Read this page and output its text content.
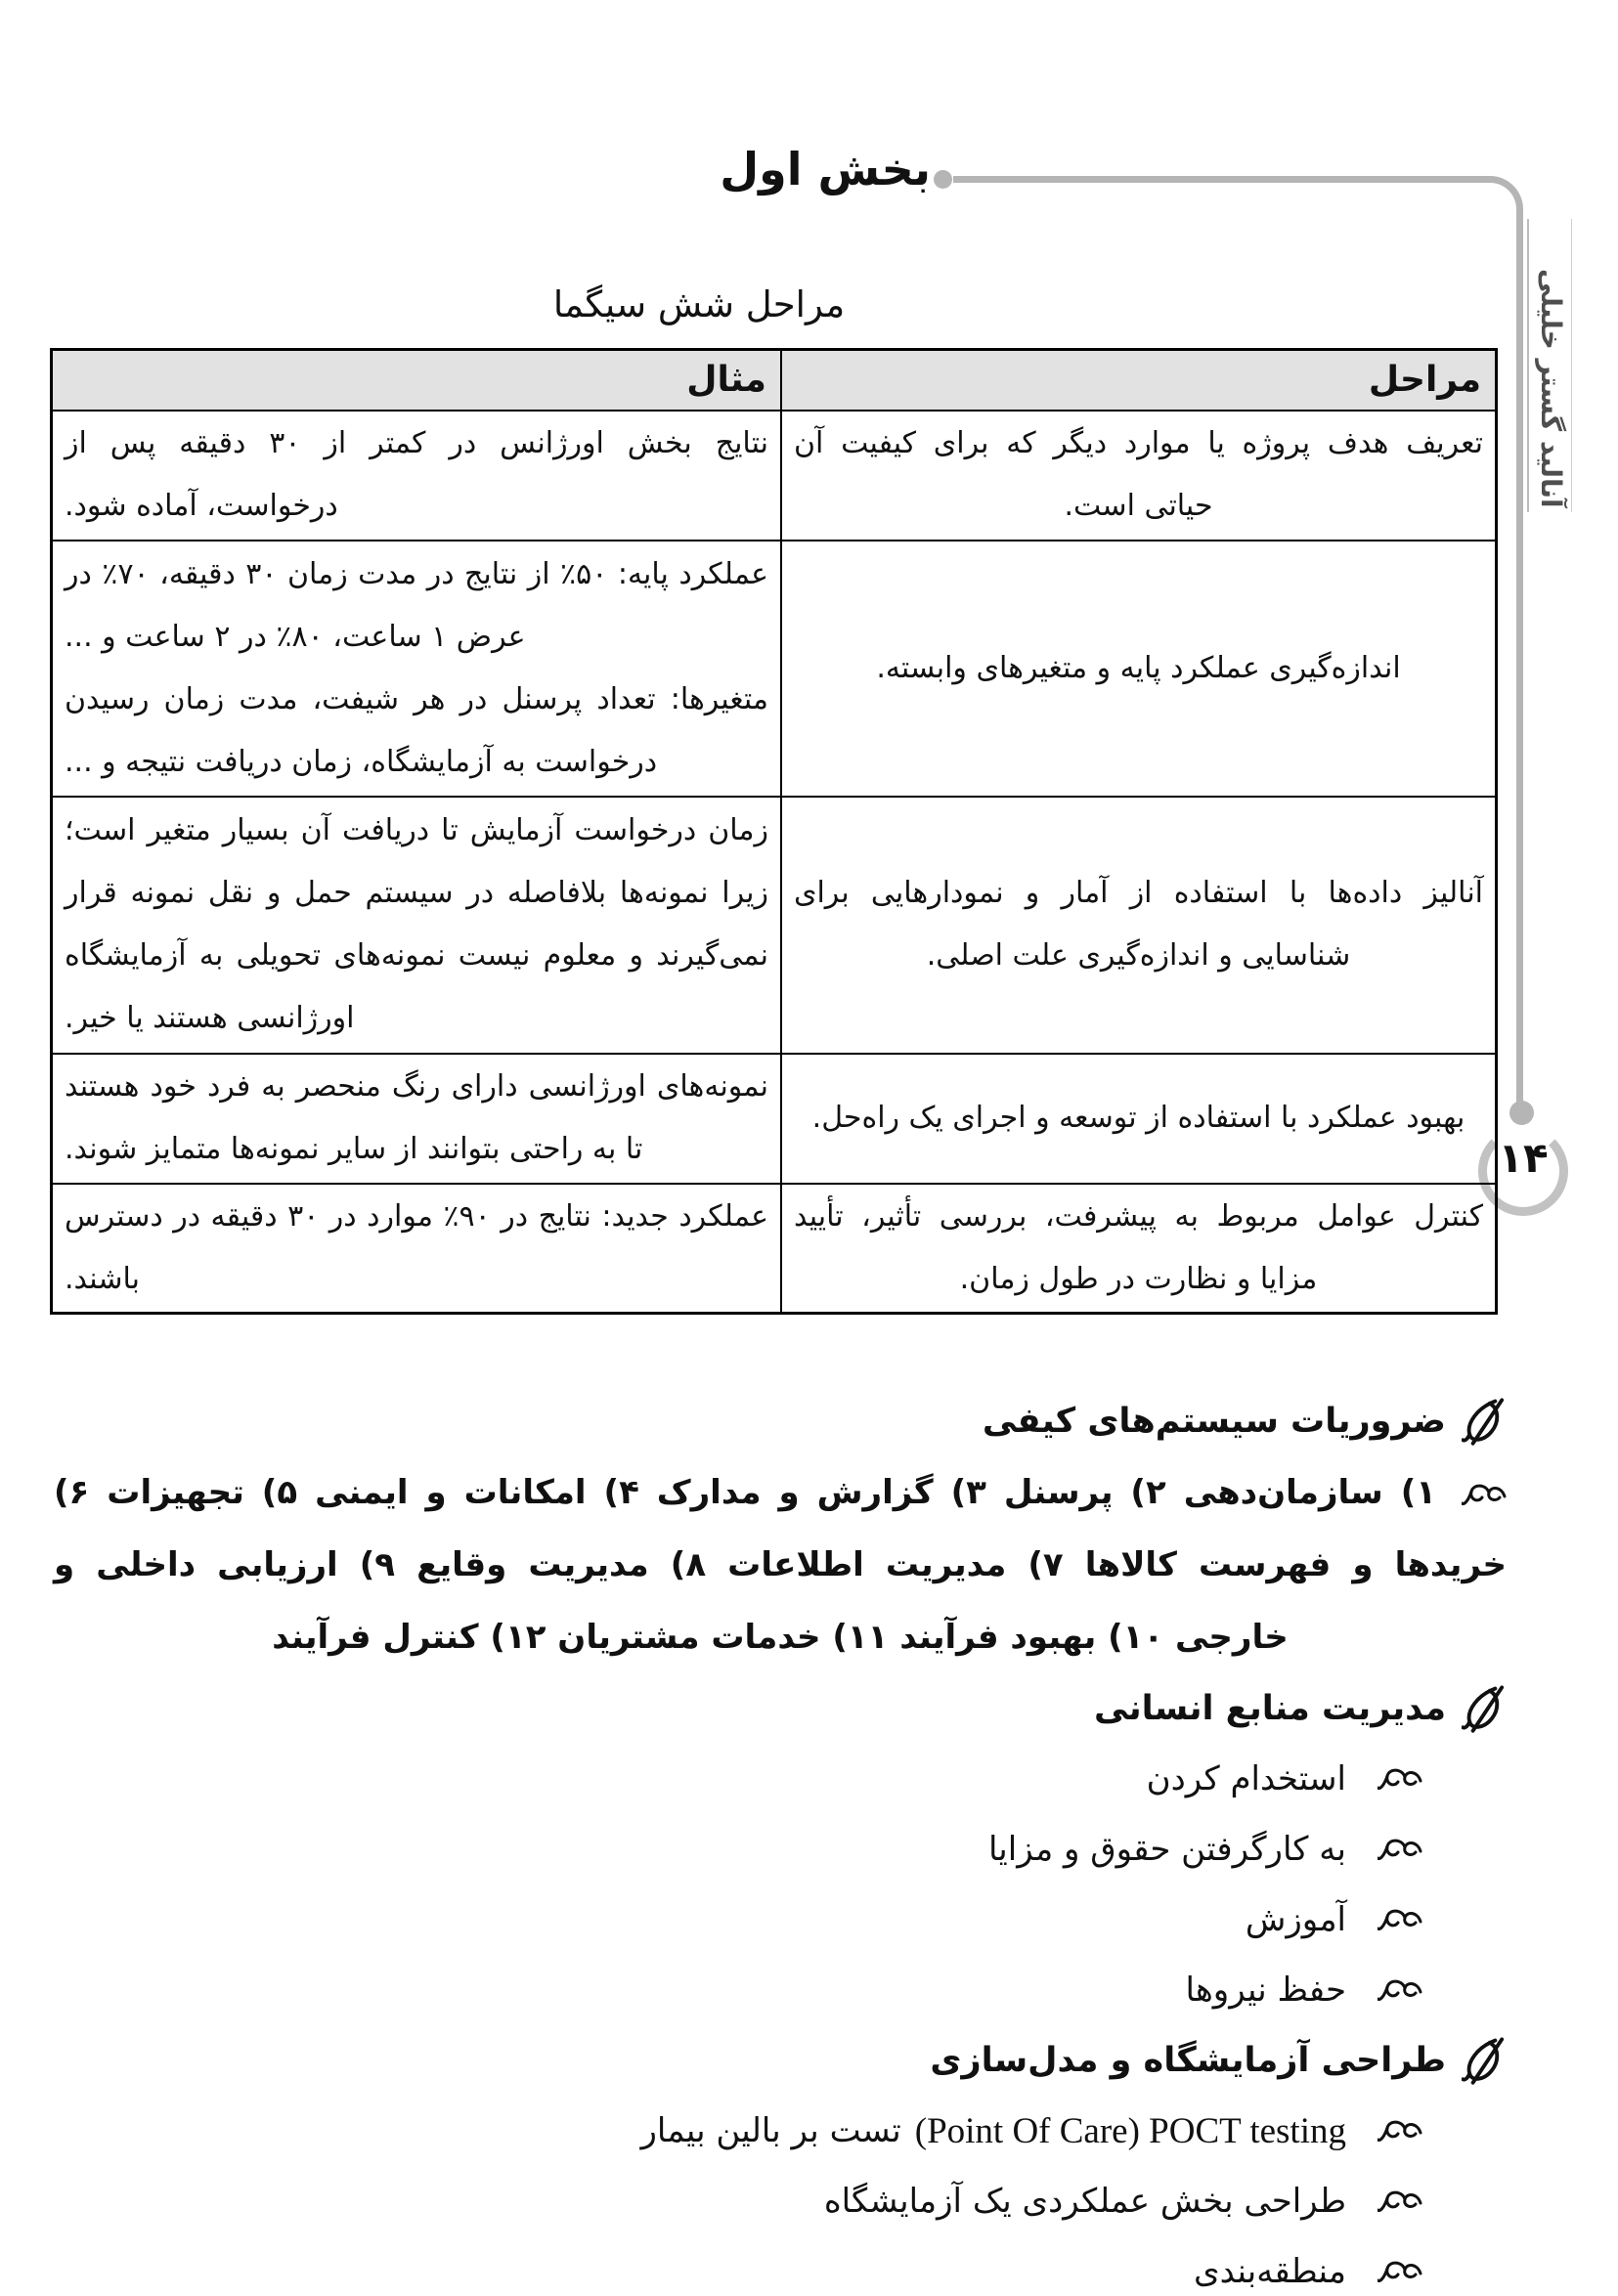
بخش اول
آنالید گستر خلیلی
۱۴
مراحل شش سیگما
مراحل	مثال

تعریف هدف پروژه یا موارد دیگر که برای کیفیت آن حیاتی است.	نتایج بخش اورژانس در کمتر از ۳۰ دقیقه پس از درخواست، آماده شود.

اندازه‌گیری عملکرد پایه و متغیرهای وابسته.	عملکرد پایه: ۵۰٪ از نتایج در مدت زمان ۳۰ دقیقه، ۷۰٪ در عرض ۱ ساعت، ۸۰٪ در ۲ ساعت و ...

متغیرها: تعداد پرسنل در هر شیفت، مدت زمان رسیدن درخواست به آزمایشگاه، زمان دریافت نتیجه و ...

آنالیز داده‌ها با استفاده از آمار و نمودارهایی برای شناسایی و اندازه‌گیری علت اصلی.	زمان درخواست آزمایش تا دریافت آن بسیار متغیر است؛ زیرا نمونه‌ها بلافاصله در سیستم حمل و نقل نمونه قرار نمی‌گیرند و معلوم نیست نمونه‌های تحویلی به آزمایشگاه اورژانسی هستند یا خیر.

بهبود عملکرد با استفاده از توسعه و اجرای یک راه‌حل.	نمونه‌های اورژانسی دارای رنگ منحصر به فرد خود هستند تا به راحتی بتوانند از سایر نمونه‌ها متمایز شوند.

کنترل عوامل مربوط به پیشرفت، بررسی تأثیر، تأیید مزایا و نظارت در طول زمان.	عملکرد جدید: نتایج در ۹۰٪ موارد در ۳۰ دقیقه در دسترس باشند.

ضروریات سیستم‌های کیفی
۱) سازمان‌دهی ۲) پرسنل ۳) گزارش و مدارک ۴) امکانات و ایمنی ۵) تجهیزات ۶)
خریدها و فهرست کالاها ۷) مدیریت اطلاعات ۸) مدیریت وقایع ۹) ارزیابی داخلی و
خارجی ۱۰) بهبود فرآیند ۱۱) خدمات مشتریان ۱۲) کنترل فرآیند
مدیریت منابع انسانی
استخدام کردن
به کارگرفتن حقوق و مزایا
آموزش
حفظ نیروها
طراحی آزمایشگاه و مدل‌سازی
(Point Of Care) POCT testing
تست بر بالین بیمار
طراحی بخش عملکردی یک آزمایشگاه
منطقه‌بندی
